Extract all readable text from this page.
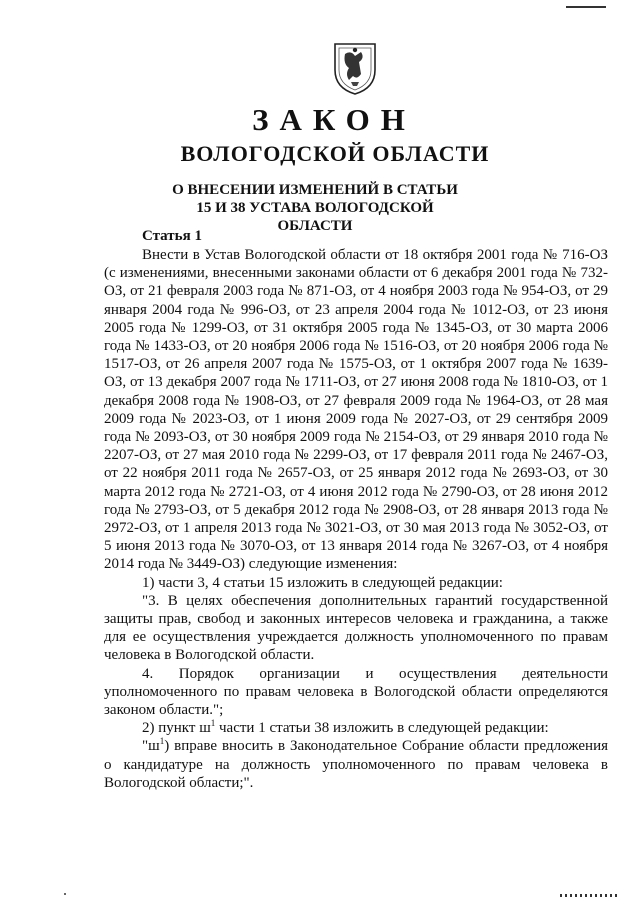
ЗАКОН
ВОЛОГОДСКОЙ ОБЛАСТИ
О ВНЕСЕНИИ ИЗМЕНЕНИЙ В СТАТЬИ 15 И 38 УСТАВА ВОЛОГОДСКОЙ ОБЛАСТИ
Статья 1

Внести в Устав Вологодской области от 18 октября 2001 года № 716-ОЗ (с изменениями, внесенными законами области от 6 декабря 2001 года № 732-ОЗ, от 21 февраля 2003 года № 871-ОЗ, от 4 ноября 2003 года № 954-ОЗ, от 29 января 2004 года № 996-ОЗ, от 23 апреля 2004 года № 1012-ОЗ, от 23 июня 2005 года № 1299-ОЗ, от 31 октября 2005 года № 1345-ОЗ, от 30 марта 2006 года № 1433-ОЗ, от 20 ноября 2006 года № 1516-ОЗ, от 20 ноября 2006 года № 1517-ОЗ, от 26 апреля 2007 года № 1575-ОЗ, от 1 октября 2007 года № 1639-ОЗ, от 13 декабря 2007 года № 1711-ОЗ, от 27 июня 2008 года № 1810-ОЗ, от 1 декабря 2008 года № 1908-ОЗ, от 27 февраля 2009 года № 1964-ОЗ, от 28 мая 2009 года № 2023-ОЗ, от 1 июня 2009 года № 2027-ОЗ, от 29 сентября 2009 года № 2093-ОЗ, от 30 ноября 2009 года № 2154-ОЗ, от 29 января 2010 года № 2207-ОЗ, от 27 мая 2010 года № 2299-ОЗ, от 17 февраля 2011 года № 2467-ОЗ, от 22 ноября 2011 года № 2657-ОЗ, от 25 января 2012 года № 2693-ОЗ, от 30 марта 2012 года № 2721-ОЗ, от 4 июня 2012 года № 2790-ОЗ, от 28 июня 2012 года № 2793-ОЗ, от 5 декабря 2012 года № 2908-ОЗ, от 28 января 2013 года № 2972-ОЗ, от 1 апреля 2013 года № 3021-ОЗ, от 30 мая 2013 года № 3052-ОЗ, от 5 июня 2013 года № 3070-ОЗ, от 13 января 2014 года № 3267-ОЗ, от 4 ноября 2014 года № 3449-ОЗ) следующие изменения:

1) части 3, 4 статьи 15 изложить в следующей редакции:

"3. В целях обеспечения дополнительных гарантий государственной защиты прав, свобод и законных интересов человека и гражданина, а также для ее осуществления учреждается должность уполномоченного по правам человека в Вологодской области.

4. Порядок организации и осуществления деятельности уполномоченного по правам человека в Вологодской области определяются законом области.";

2) пункт $ш^1$ части 1 статьи 38 изложить в следующей редакции:

"$ш^1$) вправе вносить в Законодательное Собрание области предложения о кандидатуре на должность уполномоченного по правам человека в Вологодской области;".
